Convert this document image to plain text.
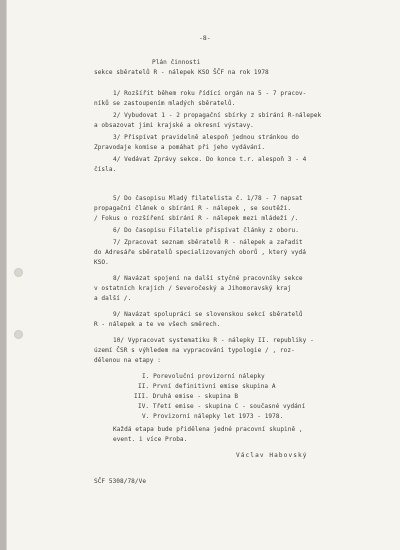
-8-
Plán činnosti
sekce sběratelů R - nálepek KSO ŠČF na rok 1978
1/ Rozšířit během roku řídící orgán na 5 - 7 pracov-
níků se zastoupením mladých sběratelů.
2/ Vybudovat 1 - 2 propagační sbírky z sbírání R-nálepek
a obsazovat jimi krajské a okresní výstavy.
3/ Přispívat pravidelně alespoň jednou stránkou do
Zpravodaje komise a pomáhat při jeho vydávání.
4/ Vedávat Zprávy sekce. Do konce t.r. alespoň 3 - 4
čísla.
5/ Do časopisu Mladý filatelista č. 1/78 - 7 napsat
propagační článek o sbírání R - nálepek , se soutěží.
/ Fokus o rozšíření sbírání R - nálepek mezi mládeží /.
6/ Do časopisu Filatelie přispívat články z oboru.
7/ Zpracovat seznam sběratelů R - nálepek a zařadit
do Adresáře sběratelů specializovaných oborů , který vydá
KSO.
8/ Navázat spojení na další styčné pracovníky sekce
v ostatních krajích / Severočeský a Jihomoravský kraj
a další /.
9/ Navázat spolupráci se slovenskou sekcí sběratelů
R - nálepek a te ve všech směrech.
10/ Vypracovat systematiku R - nálepky II. republiky -
území ČSR s výhledem na vypracování typologie / , roz-
dělenou na etapy :
I. Porevoluční provizorní nálepky
II. První definitivní emise skupina A
III. Druhá emise - skupina B
IV. Třetí emise - skupina C - současné vydání
V. Provizorní nálepky let 1973 - 1978.
Každá etapa bude přidělena jedné pracovní skupině ,
event. i více Proba.
Václav Habovský
SČF 5308/78/Ve
